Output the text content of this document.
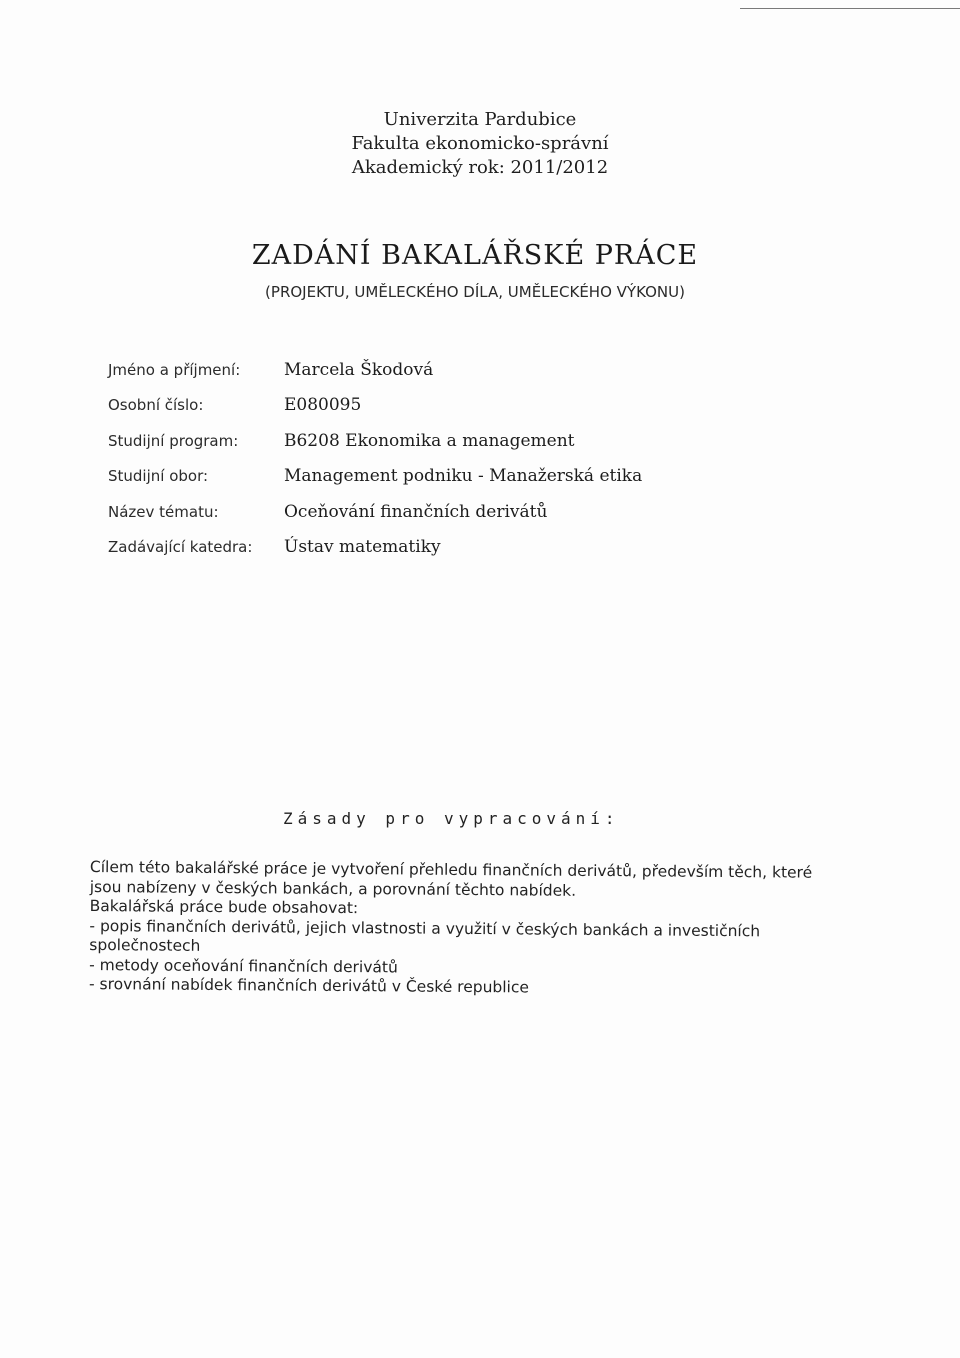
Univerzita Pardubice
Fakulta ekonomicko-správní
Akademický rok: 2011/2012
ZADÁNÍ BAKALÁŘSKÉ PRÁCE
(PROJEKTU, UMĚLECKÉHO DÍLA, UMĚLECKÉHO VÝKONU)
Jméno a příjmení:	Marcela Škodová
Osobní číslo:	E080095
Studijní program:	B6208 Ekonomika a management
Studijní obor:	Management podniku - Manažerská etika
Název tématu:	Oceňování finančních derivátů
Zadávající katedra:	Ústav matematiky
Zásady pro vypracování:
Cílem této bakalářské práce je vytvoření přehledu finančních derivátů, především těch, které
jsou nabízeny v českých bankách, a porovnání těchto nabídek.
Bakalářská práce bude obsahovat:
- popis finančních derivátů, jejich vlastnosti a využití v českých bankách a investičních
společnostech
- metody oceňování finančních derivátů
- srovnání nabídek finančních derivátů v České republice
